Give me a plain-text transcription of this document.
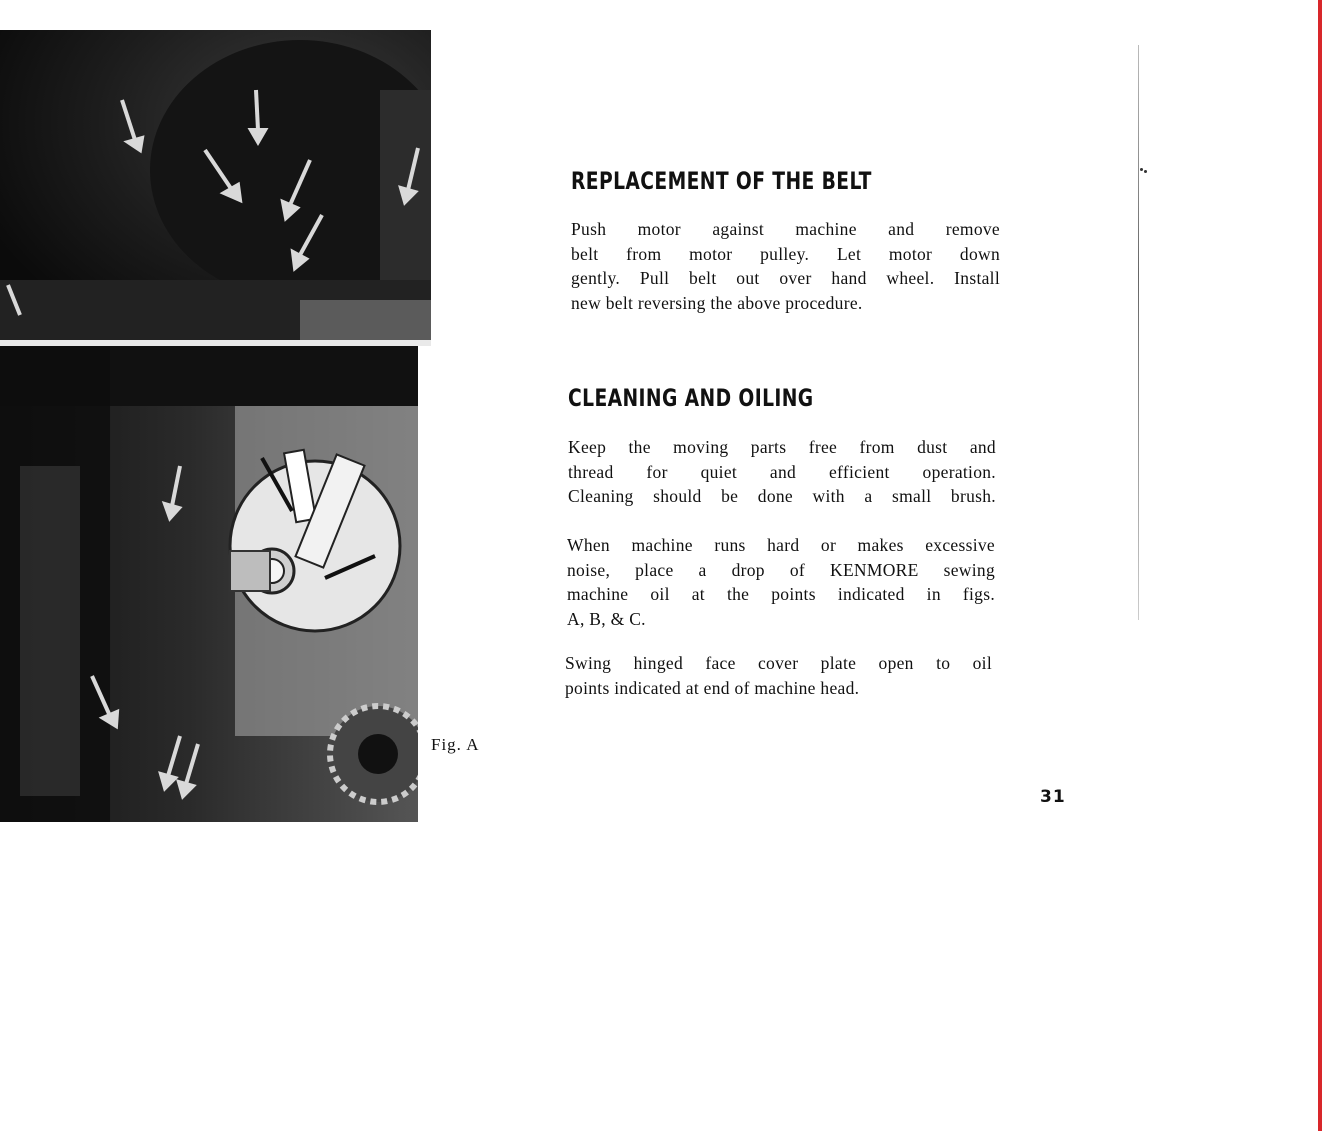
Fig. A
REPLACEMENT OF THE BELT
Push motor against machine and remove
belt from motor pulley. Let motor down
gently. Pull belt out over hand wheel. Install
new belt reversing the above procedure.
CLEANING AND OILING
Keep the moving parts free from dust and
thread for quiet and efficient operation.
Cleaning should be done with a small brush.
When machine runs hard or makes excessive
noise, place a drop of KENMORE sewing
machine oil at the points indicated in figs.
A, B, & C.
Swing hinged face cover plate open to oil
points indicated at end of machine head.
31
